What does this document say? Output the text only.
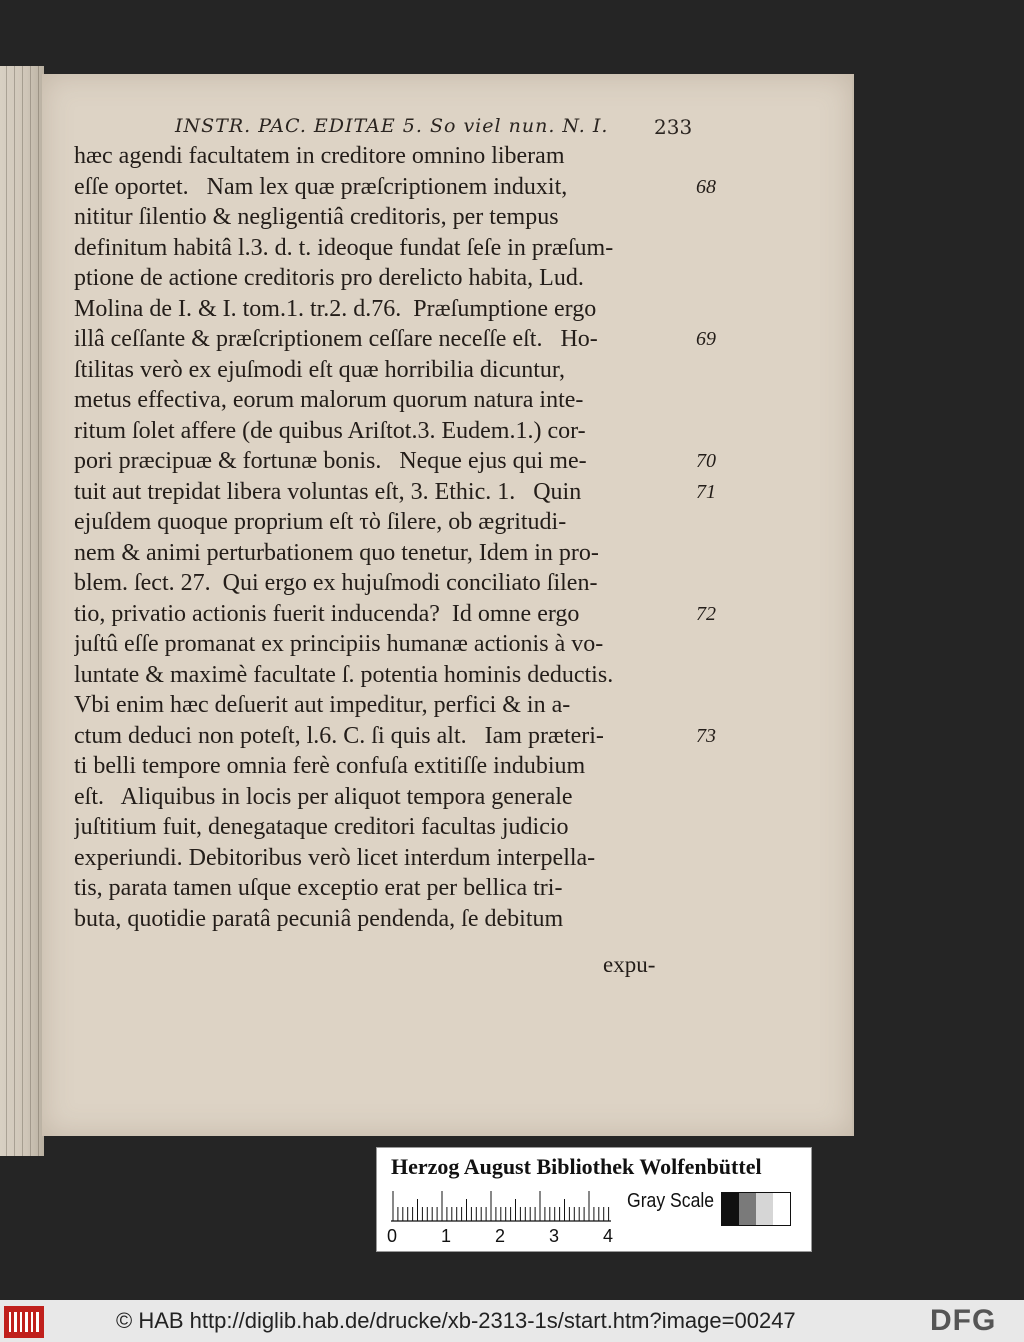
INSTR. PAC. EDITAE 5. So viel nun. N. I.	233
hæc agendi facultatem in creditore omnino liberam
eſſe oportet.   Nam lex quæ præſcriptionem induxit,
nititur ſilentio & negligentiâ creditoris, per tempus
definitum habitâ l.3. d. t. ideoque fundat ſeſe in præſum-
ptione de actione creditoris pro derelicto habita, Lud.
Molina de I. & I. tom.1. tr.2. d.76.  Præſumptione ergo
illâ ceſſante & præſcriptionem ceſſare neceſſe eſt.   Ho-
ſtilitas verò ex ejuſmodi eſt quæ horribilia dicuntur,
metus effectiva, eorum malorum quorum natura inte-
ritum ſolet affere (de quibus Ariſtot.3. Eudem.1.) cor-
pori præcipuæ & fortunæ bonis.   Neque ejus qui me-
tuit aut trepidat libera voluntas eſt, 3. Ethic. 1.   Quin
ejuſdem quoque proprium eſt τὸ ſilere, ob ægritudi-
nem & animi perturbationem quo tenetur, Idem in pro-
blem. ſect. 27.  Qui ergo ex hujuſmodi conciliato ſilen-
tio, privatio actionis fuerit inducenda?  Id omne ergo
juſtû eſſe promanat ex principiis humanæ actionis à vo-
luntate & maximè facultate ſ. potentia hominis deductis.
Vbi enim hæc deſuerit aut impeditur, perfici & in a-
ctum deduci non poteſt, l.6. C. ſi quis alt.   Iam præteri-
ti belli tempore omnia ferè confuſa extitiſſe indubium
eſt.   Aliquibus in locis per aliquot tempora generale
juſtitium fuit, denegataque creditori facultas judicio
experiundi. Debitoribus verò licet interdum interpella-
tis, parata tamen uſque exceptio erat per bellica tri-
buta, quotidie paratâ pecuniâ pendenda, ſe debitum
68
69
70
71
72
73
expu-
Herzog August Bibliothek Wolfenbüttel
0 1 2 3 4
Gray Scale
© HAB http://diglib.hab.de/drucke/xb-2313-1s/start.htm?image=00247	DFG
